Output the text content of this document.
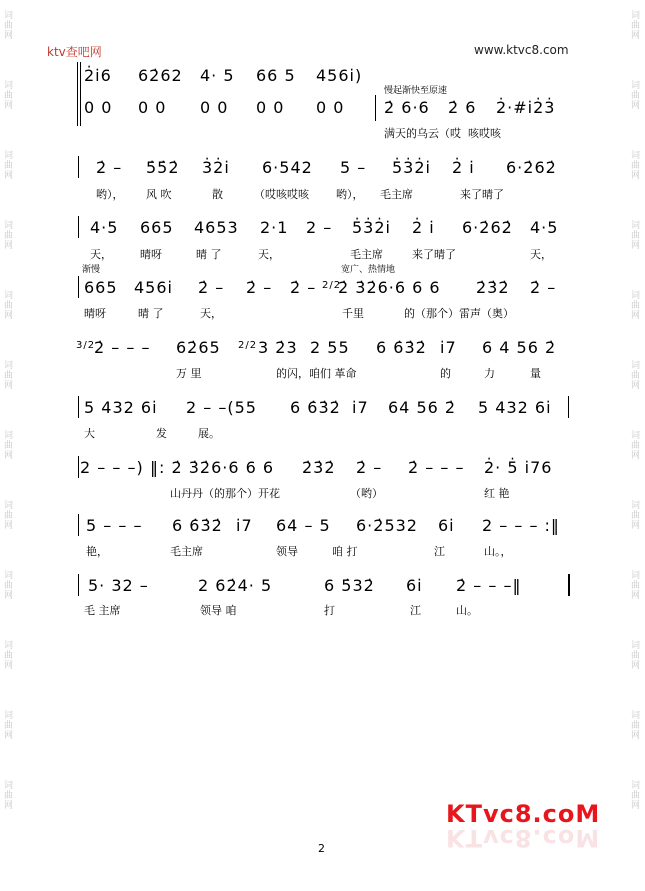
词曲网
词曲网
词曲网
词曲网
词曲网
词曲网
词曲网
词曲网
词曲网
词曲网
词曲网
词曲网
词曲网
词曲网
词曲网
词曲网
词曲网
词曲网
词曲网
词曲网
词曲网
词曲网
词曲网
词曲网
ktv查吧网	www.ktvc8.com
慢起渐快至原速
渐慢	宽广、热情地
2̇i̇6 62̇62 4· 5 66 5 456i̇)
0 0 0 0 0 0 0 0 0 0 2̇ 6·6 2̇ 6 2̇·#i̇2̇3̇
满天的乌云（哎  咳哎咳
2̇ – 5̇5̇2̇ 3̇2̇i̇ 6·542 5 – 5̇3̇2̇i̇ 2̇ i̇ 6·2̇62̇
哟）， 风 吹	散	（哎咳哎咳 哟）， 毛主席	来了晴了
4·5 665 4653 2·1 2 – 5̇3̇2̇i̇ 2̇ i̇ 6·2̇62̇ 4·5
天，	晴呀	晴 了	天，	毛主席	来了晴了	天，
665 456i̇ 2̇ – 2̇ – 2̇ – 2/2
2̇ 3̇2̇6·6 6 6 2̇3̇2̇ 2̇ –
晴呀	晴 了	天，	千里	的（那个）雷声（奥）
3/2
2̇ – – – 62̇65 2/2 3 2̇3 2 55 6 6̇3̇2̇ i̇7 6 4 56 2̇
万 里	的闪，咱们 革命	的	力	量
5 432 6i̇ 2 – –(55 6 6̇3̇2̇ i̇7 64 56 2̇ 5 432 6i̇
大	发	展。
2 – – –) ‖: 2̇ 3̇2̇6·6 6 6 2̇3̇2̇ 2̇ – 2̇ – – – 2̇· 5̇ i̇76
山丹丹（的那个）开花	（哟）	红 艳
5 – – – 6 6̇3̇2̇ i̇7 64 – 5 6·2̇532 6i̇ 2 – – – :‖
艳，	毛主席	领导	咱 打	江	山。，
5· 32 –	2 62̇4· 5	6 5̇32̇ 6i̇ 2̇ – – –‖
毛 主席	领导 咱	打	江	山。
2
KTvc8.coM
KTvc8.coM
